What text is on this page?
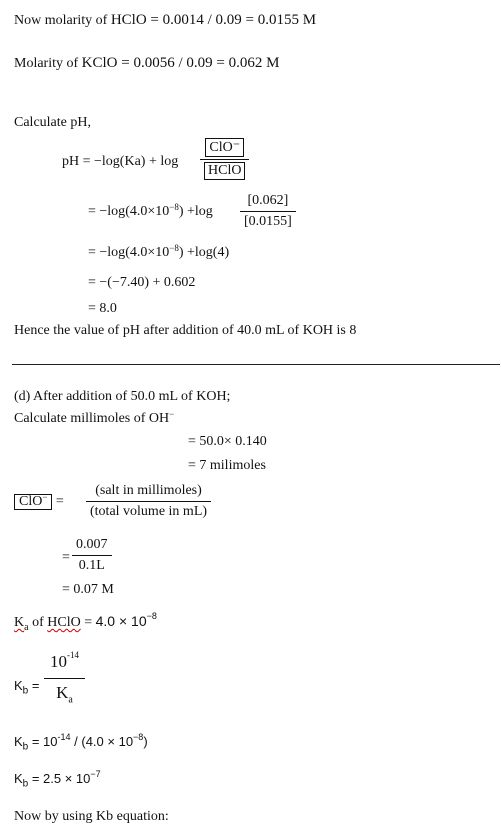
Now molarity of HClO = 0.0014 / 0.09 = 0.0155 M
Molarity of KClO = 0.0056 / 0.09 = 0.062 M
Calculate pH,
pH = −log(Ka) + log
ClO⁻
HClO
= $-\log(4.0\times 10^{-8}) +\log$
[0.062]
[0.0155]
= $-\log(4.0\times 10^{-8}) +\log(4)$
= −(−7.40) + 0.602
= 8.0
Hence the value of pH after addition of 40.0 mL of KOH is 8
(d) After addition of 50.0 mL of KOH;
Calculate millimoles of OH−
= 50.0× 0.140
= 7 milimoles
ClO− =
(salt in millimoles)
(total volume in mL)
=
0.007
0.1L
= 0.07 M
$K_a$ of HClO = $4.0 \times 10^{-8}$
$K_b$ =
$10^{-14}$
$K_a$
$K_b = 10^{-14} / (4.0 \times 10^{-8})$
$K_b = 2.5 \times 10^{-7}$
Now by using Kb equation:
